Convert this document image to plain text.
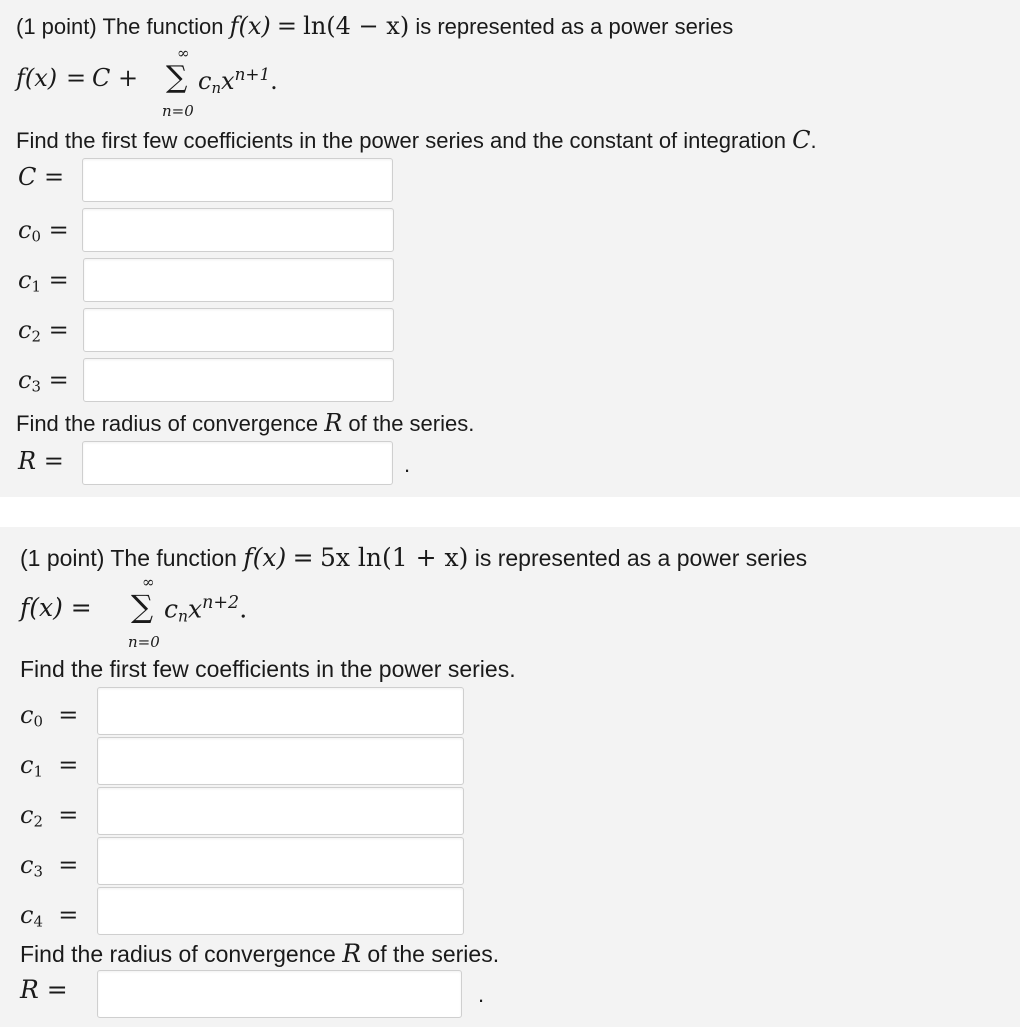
(1 point) The function f(x) = ln(4 − x) is represented as a power series
f(x) = C +
∞
∑
n=0
$c_nx^{n+1}$.
Find the first few coefficients in the power series and the constant of integration C.
C =
$c_0$ =
$c_1$ =
$c_2$ =
$c_3$ =
Find the radius of convergence R of the series.
R =	.
(1 point) The function f(x) = 5x ln(1 + x) is represented as a power series
f(x) =
∞
∑
n=0
$c_nx^{n+2}$.
Find the first few coefficients in the power series.
$c_0$ =
$c_1$ =
$c_2$ =
$c_3$ =
$c_4$ =
Find the radius of convergence R of the series.
R =	.
